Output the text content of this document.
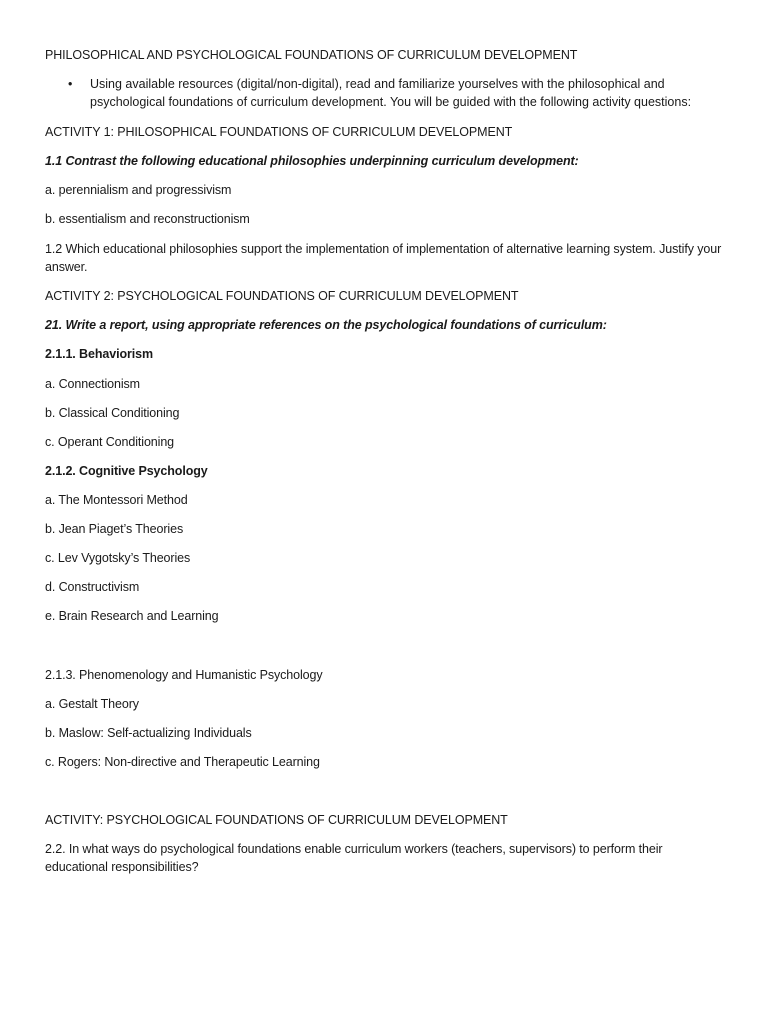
PHILOSOPHICAL AND PSYCHOLOGICAL FOUNDATIONS OF CURRICULUM DEVELOPMENT
•	Using available resources (digital/non-digital), read and familiarize yourselves with the philosophical and psychological foundations of curriculum development. You will be guided with the following activity questions:
ACTIVITY 1: PHILOSOPHICAL FOUNDATIONS OF CURRICULUM DEVELOPMENT
1.1 Contrast the following educational philosophies underpinning curriculum development:
a. perennialism and progressivism
b. essentialism and reconstructionism
1.2 Which educational philosophies support the implementation of implementation of alternative learning system. Justify your answer.
ACTIVITY 2: PSYCHOLOGICAL FOUNDATIONS OF CURRICULUM DEVELOPMENT
21. Write a report, using appropriate references on the psychological foundations of curriculum:
2.1.1. Behaviorism
a. Connectionism
b. Classical Conditioning
c. Operant Conditioning
2.1.2. Cognitive Psychology
a. The Montessori Method
b. Jean Piaget’s Theories
c. Lev Vygotsky’s Theories
d. Constructivism
e. Brain Research and Learning
2.1.3. Phenomenology and Humanistic Psychology
a. Gestalt Theory
b. Maslow: Self-actualizing Individuals
c. Rogers: Non-directive and Therapeutic Learning
ACTIVITY: PSYCHOLOGICAL FOUNDATIONS OF CURRICULUM DEVELOPMENT
2.2. In what ways do psychological foundations enable curriculum workers (teachers, supervisors) to perform their educational responsibilities?
